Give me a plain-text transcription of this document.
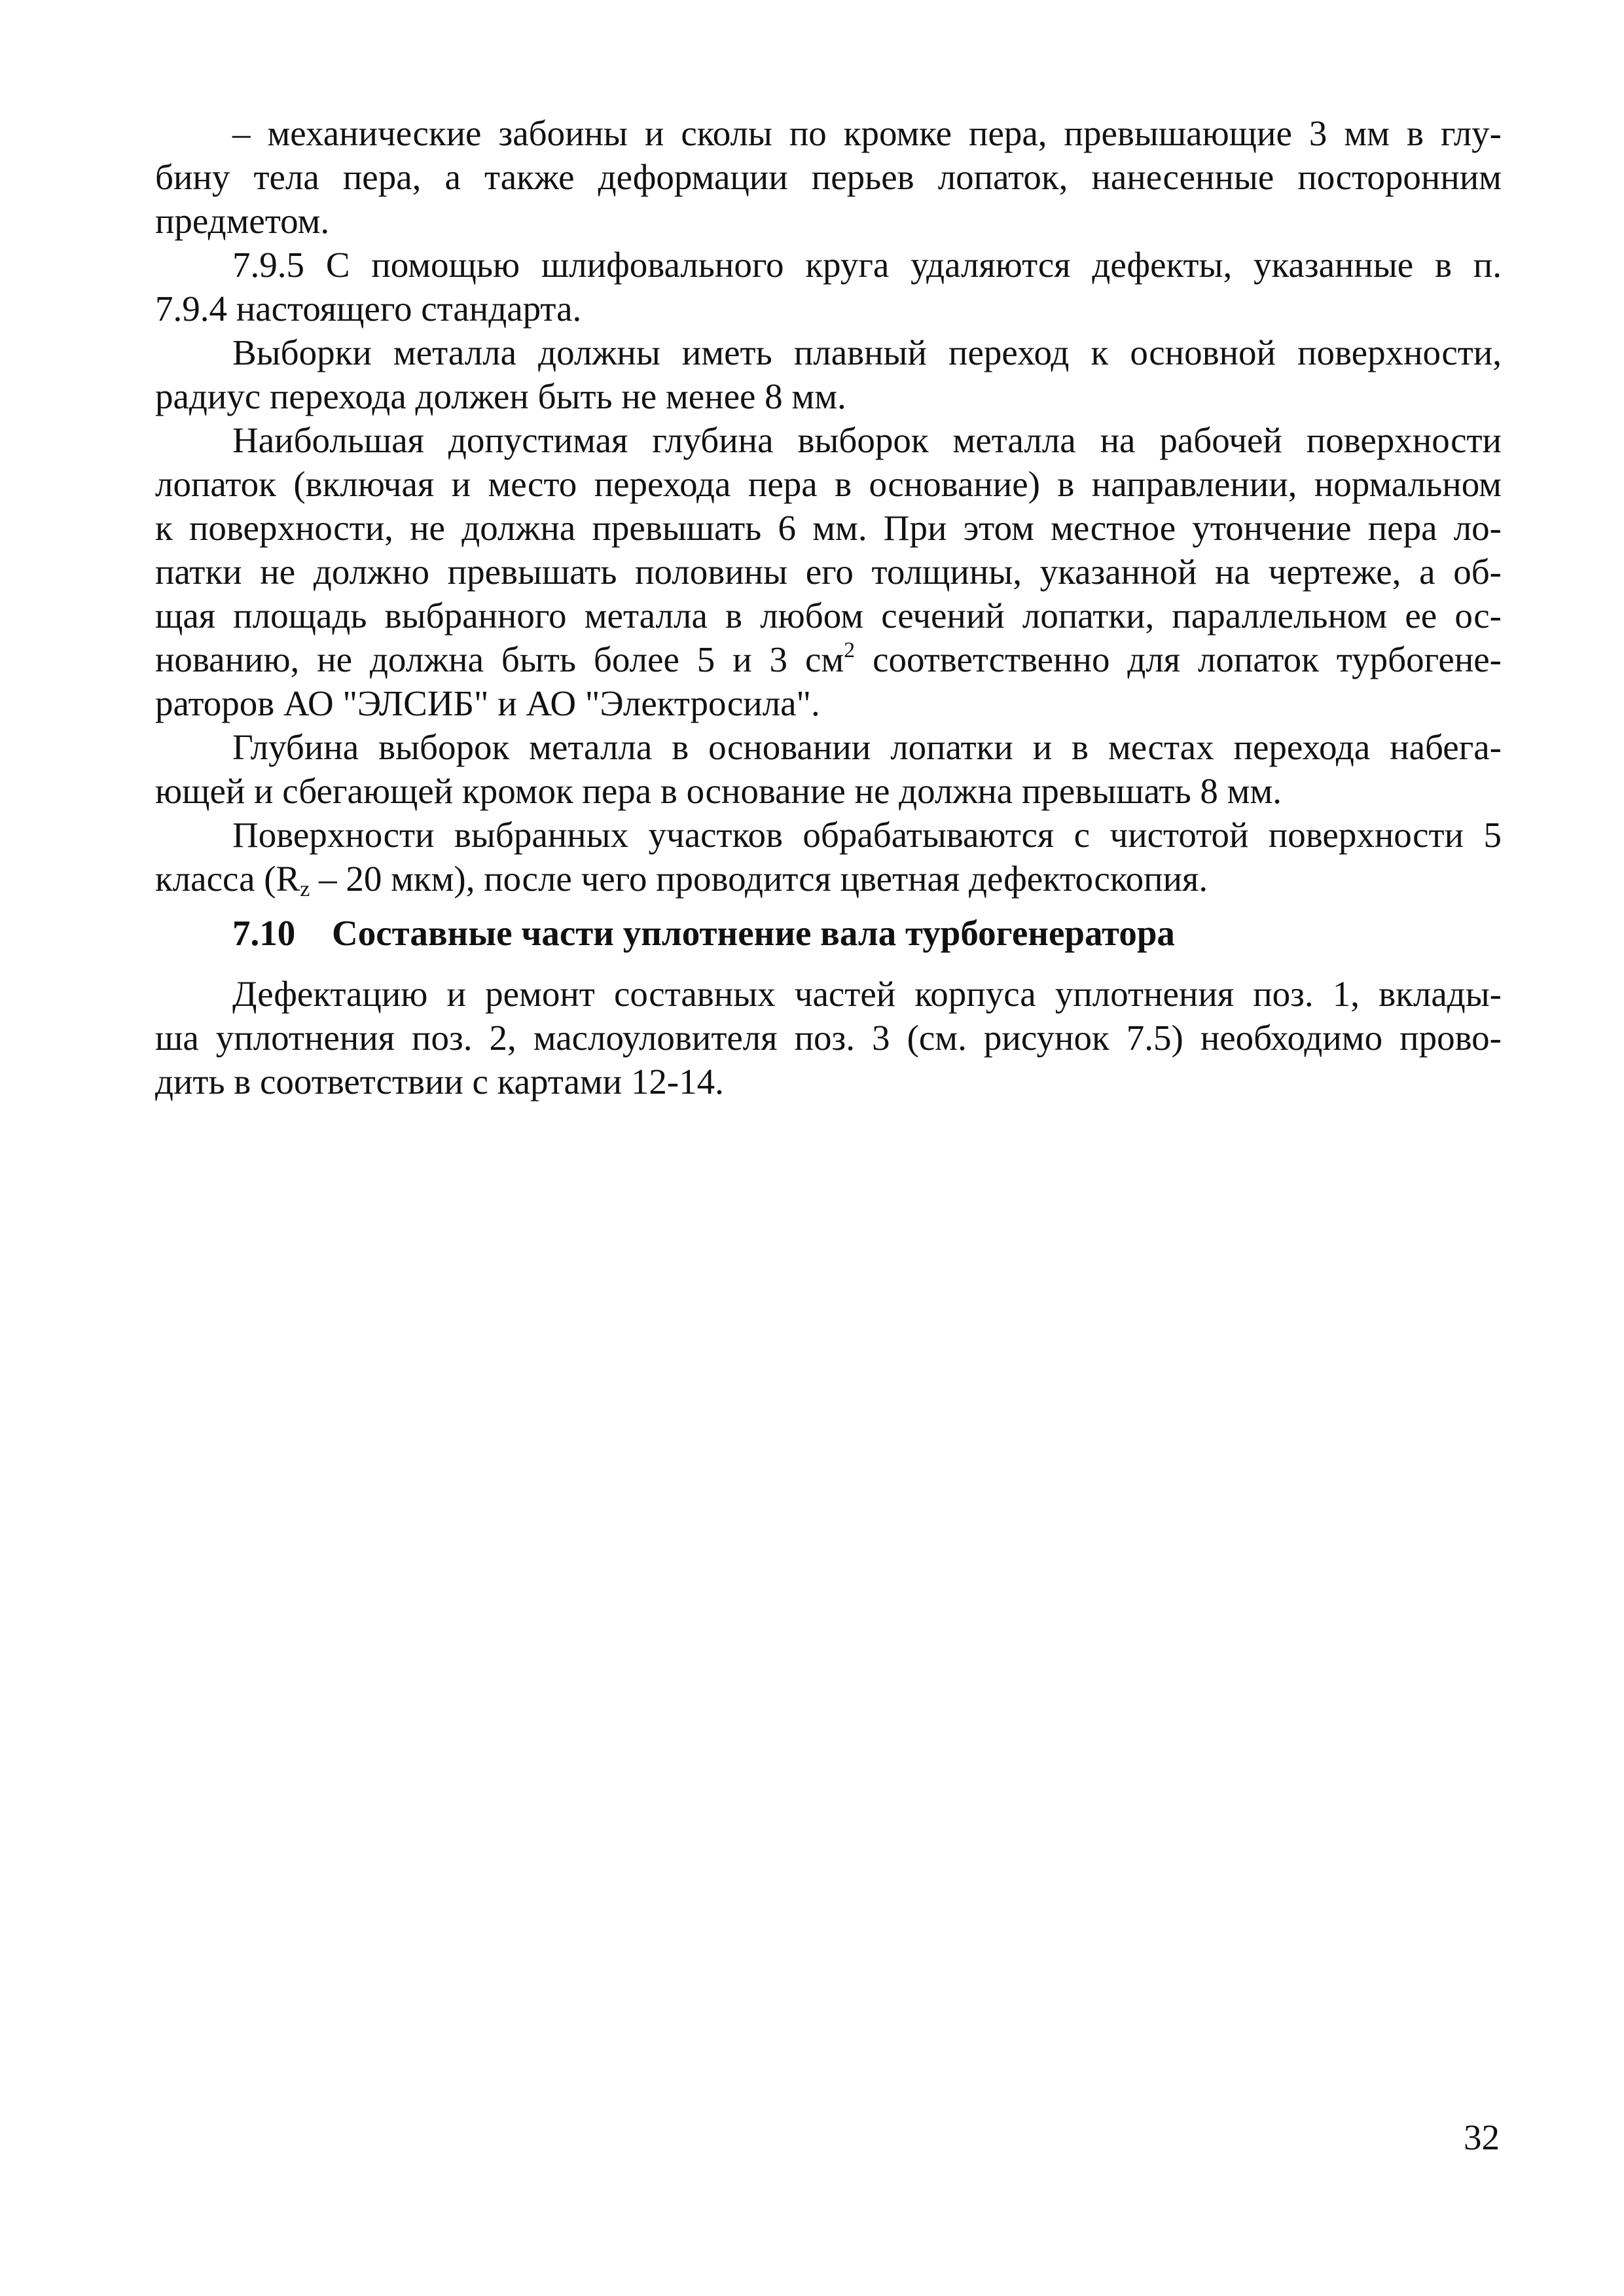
– механические забоины и сколы по кромке пера, превышающие 3 мм в глу-
бину тела пера, а также деформации перьев лопаток, нанесенные посторонним
предметом.
7.9.5 С помощью шлифовального круга удаляются дефекты, указанные в п.
7.9.4 настоящего стандарта.
Выборки металла должны иметь плавный переход к основной поверхности,
радиус перехода должен быть не менее 8 мм.
Наибольшая допустимая глубина выборок металла на рабочей поверхности
лопаток (включая и место перехода пера в основание) в направлении, нормальном
к поверхности, не должна превышать 6 мм. При этом местное утончение пера ло-
патки не должно превышать половины его толщины, указанной на чертеже, а об-
щая площадь выбранного металла в любом сечений лопатки, параллельном ее ос-
нованию, не должна быть более 5 и 3 $см^2$ соответственно для лопаток турбогене-
раторов АО "ЭЛСИБ" и АО "Электросила".
Глубина выборок металла в основании лопатки и в местах перехода набега-
ющей и сбегающей кромок пера в основание не должна превышать 8 мм.
Поверхности выбранных участков обрабатываются с чистотой поверхности 5
класса ($R_z - 20$ мкм), после чего проводится цветная дефектоскопия.
7.10 Составные части уплотнение вала турбогенератора
Дефектацию и ремонт составных частей корпуса уплотнения поз. 1, вклады-
ша уплотнения поз. 2, маслоуловителя поз. 3 (см. рисунок 7.5) необходимо прово-
дить в соответствии с картами 12-14.
32
